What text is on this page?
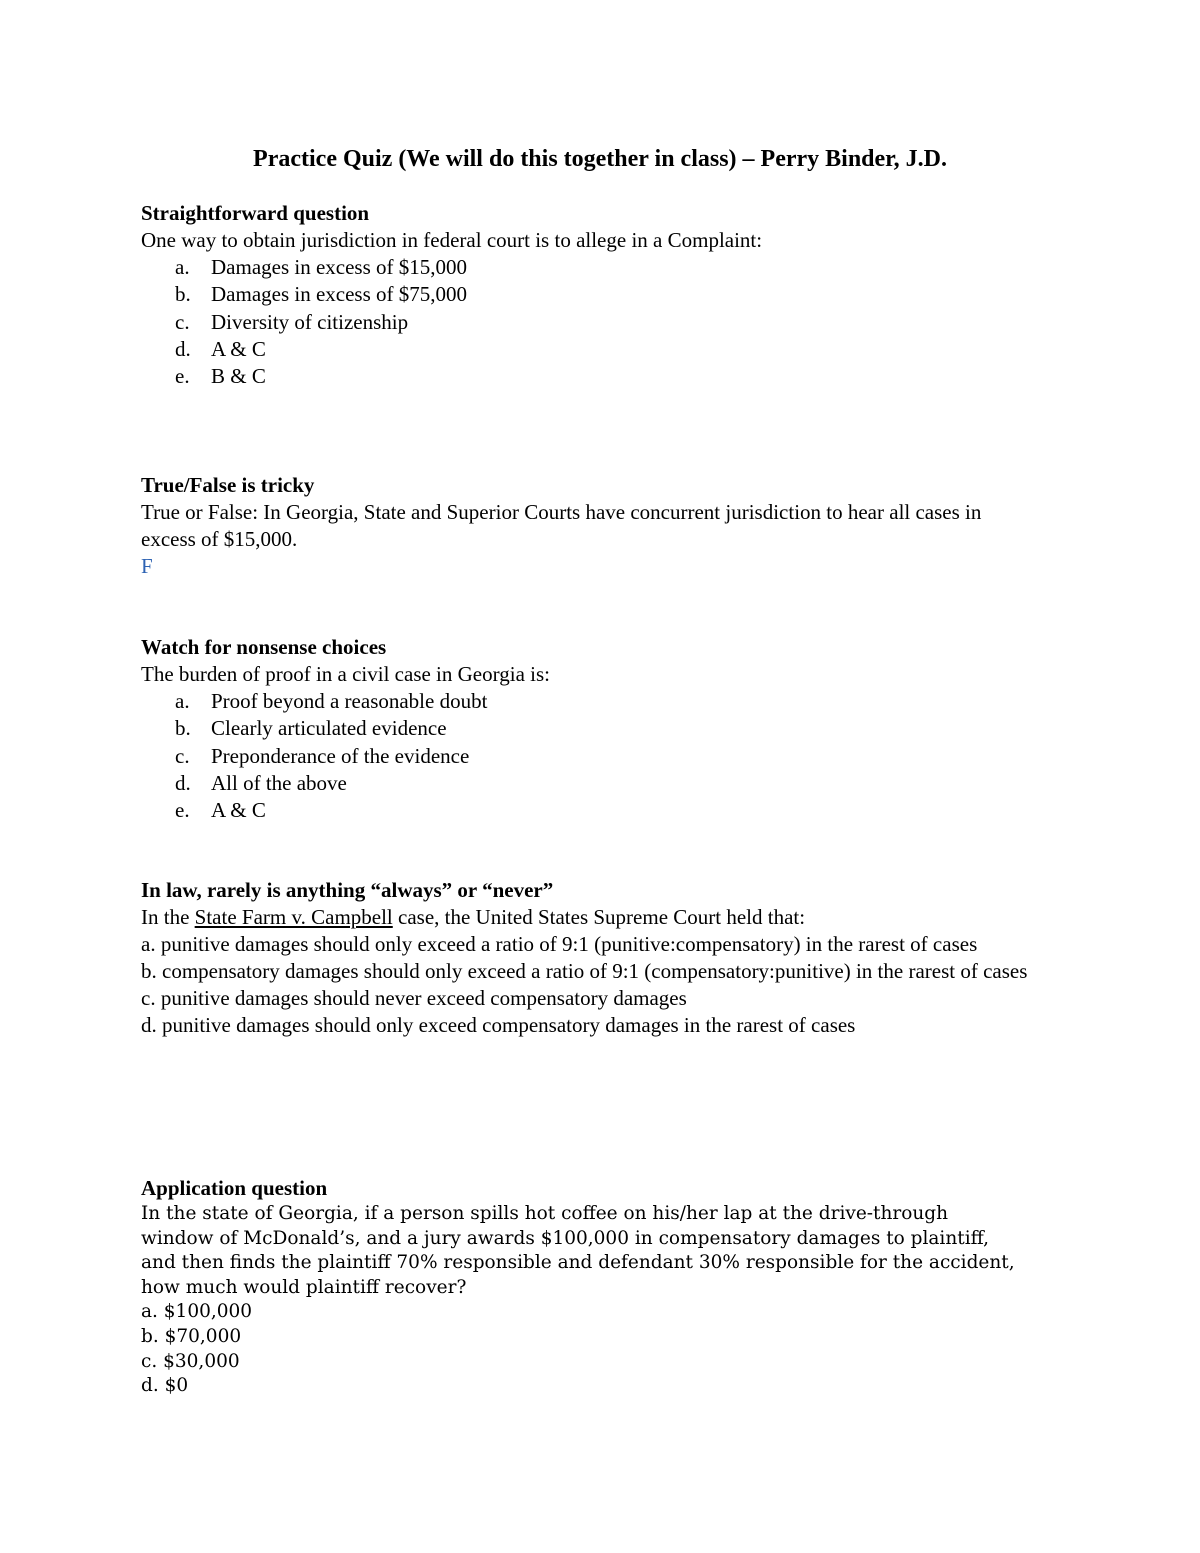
Practice Quiz (We will do this together in class) – Perry Binder, J.D.
Straightforward question
One way to obtain jurisdiction in federal court is to allege in a Complaint:
a. Damages in excess of $15,000
b. Damages in excess of $75,000
c. Diversity of citizenship
d. A & C
e. B & C
True/False is tricky
True or False: In Georgia, State and Superior Courts have concurrent jurisdiction to hear all cases in excess of $15,000.
F
Watch for nonsense choices
The burden of proof in a civil case in Georgia is:
a. Proof beyond a reasonable doubt
b. Clearly articulated evidence
c. Preponderance of the evidence
d. All of the above
e. A & C
In law, rarely is anything “always” or “never”
In the State Farm v. Campbell case, the United States Supreme Court held that:
a. punitive damages should only exceed a ratio of 9:1 (punitive:compensatory) in the rarest of cases
b. compensatory damages should only exceed a ratio of 9:1 (compensatory:punitive) in the rarest of cases
c. punitive damages should never exceed compensatory damages
d. punitive damages should only exceed compensatory damages in the rarest of cases
Application question
In the state of Georgia, if a person spills hot coffee on his/her lap at the drive-through window of McDonald’s, and a jury awards $100,000 in compensatory damages to plaintiff, and then finds the plaintiff 70% responsible and defendant 30% responsible for the accident, how much would plaintiff recover?
a. $100,000
b. $70,000
c. $30,000
d. $0
